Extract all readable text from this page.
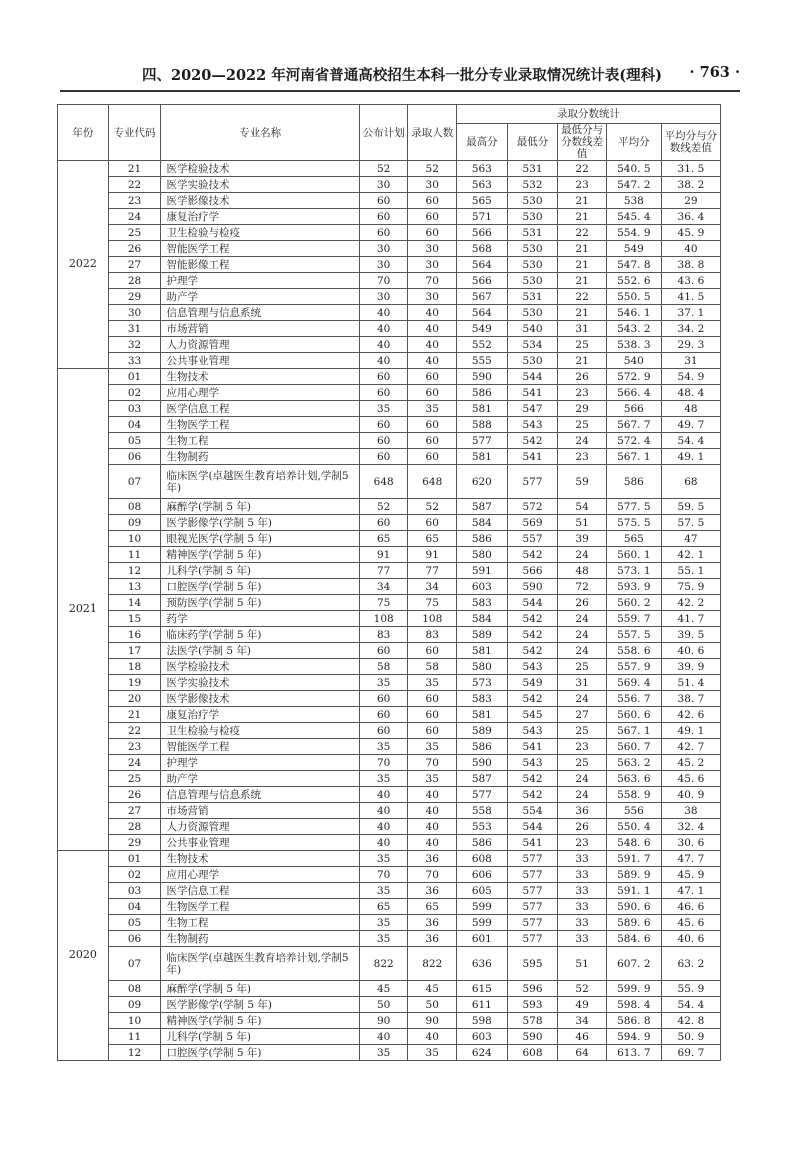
四、2020—2022 年河南省普通高校招生本科一批分专业录取情况统计表(理科) · 763 ·
年份	专业代码	专业名称	公布计划	录取人数	录取分数统计				
					最高分	最低分	最低分与分数线差值	平均分	平均分与分数线差值
2022	21	医学检验技术	52	52	563	531	22	540. 5	31. 5
	22	医学实验技术	30	30	563	532	23	547. 2	38. 2
	23	医学影像技术	60	60	565	530	21	538	29
	24	康复治疗学	60	60	571	530	21	545. 4	36. 4
	25	卫生检验与检疫	60	60	566	531	22	554. 9	45. 9
	26	智能医学工程	30	30	568	530	21	549	40
	27	智能影像工程	30	30	564	530	21	547. 8	38. 8
	28	护理学	70	70	566	530	21	552. 6	43. 6
	29	助产学	30	30	567	531	22	550. 5	41. 5
	30	信息管理与信息系统	40	40	564	530	21	546. 1	37. 1
	31	市场营销	40	40	549	540	31	543. 2	34. 2
	32	人力资源管理	40	40	552	534	25	538. 3	29. 3
	33	公共事业管理	40	40	555	530	21	540	31
2021	01	生物技术	60	60	590	544	26	572. 9	54. 9
	02	应用心理学	60	60	586	541	23	566. 4	48. 4
	03	医学信息工程	35	35	581	547	29	566	48
	04	生物医学工程	60	60	588	543	25	567. 7	49. 7
	05	生物工程	60	60	577	542	24	572. 4	54. 4
	06	生物制药	60	60	581	541	23	567. 1	49. 1
	07	临床医学(卓越医生教育培养计划,学制5年)	648	648	620	577	59	586	68
	08	麻醉学(学制 5 年)	52	52	587	572	54	577. 5	59. 5
	09	医学影像学(学制 5 年)	60	60	584	569	51	575. 5	57. 5
	10	眼视光医学(学制 5 年)	65	65	586	557	39	565	47
	11	精神医学(学制 5 年)	91	91	580	542	24	560. 1	42. 1
	12	儿科学(学制 5 年)	77	77	591	566	48	573. 1	55. 1
	13	口腔医学(学制 5 年)	34	34	603	590	72	593. 9	75. 9
	14	预防医学(学制 5 年)	75	75	583	544	26	560. 2	42. 2
	15	药学	108	108	584	542	24	559. 7	41. 7
	16	临床药学(学制 5 年)	83	83	589	542	24	557. 5	39. 5
	17	法医学(学制 5 年)	60	60	581	542	24	558. 6	40. 6
	18	医学检验技术	58	58	580	543	25	557. 9	39. 9
	19	医学实验技术	35	35	573	549	31	569. 4	51. 4
	20	医学影像技术	60	60	583	542	24	556. 7	38. 7
	21	康复治疗学	60	60	581	545	27	560. 6	42. 6
	22	卫生检验与检疫	60	60	589	543	25	567. 1	49. 1
	23	智能医学工程	35	35	586	541	23	560. 7	42. 7
	24	护理学	70	70	590	543	25	563. 2	45. 2
	25	助产学	35	35	587	542	24	563. 6	45. 6
	26	信息管理与信息系统	40	40	577	542	24	558. 9	40. 9
	27	市场营销	40	40	558	554	36	556	38
	28	人力资源管理	40	40	553	544	26	550. 4	32. 4
	29	公共事业管理	40	40	586	541	23	548. 6	30. 6
2020	01	生物技术	35	36	608	577	33	591. 7	47. 7
	02	应用心理学	70	70	606	577	33	589. 9	45. 9
	03	医学信息工程	35	36	605	577	33	591. 1	47. 1
	04	生物医学工程	65	65	599	577	33	590. 6	46. 6
	05	生物工程	35	36	599	577	33	589. 6	45. 6
	06	生物制药	35	36	601	577	33	584. 6	40. 6
	07	临床医学(卓越医生教育培养计划,学制5年)	822	822	636	595	51	607. 2	63. 2
	08	麻醉学(学制 5 年)	45	45	615	596	52	599. 9	55. 9
	09	医学影像学(学制 5 年)	50	50	611	593	49	598. 4	54. 4
	10	精神医学(学制 5 年)	90	90	598	578	34	586. 8	42. 8
	11	儿科学(学制 5 年)	40	40	603	590	46	594. 9	50. 9
	12	口腔医学(学制 5 年)	35	35	624	608	64	613. 7	69. 7
